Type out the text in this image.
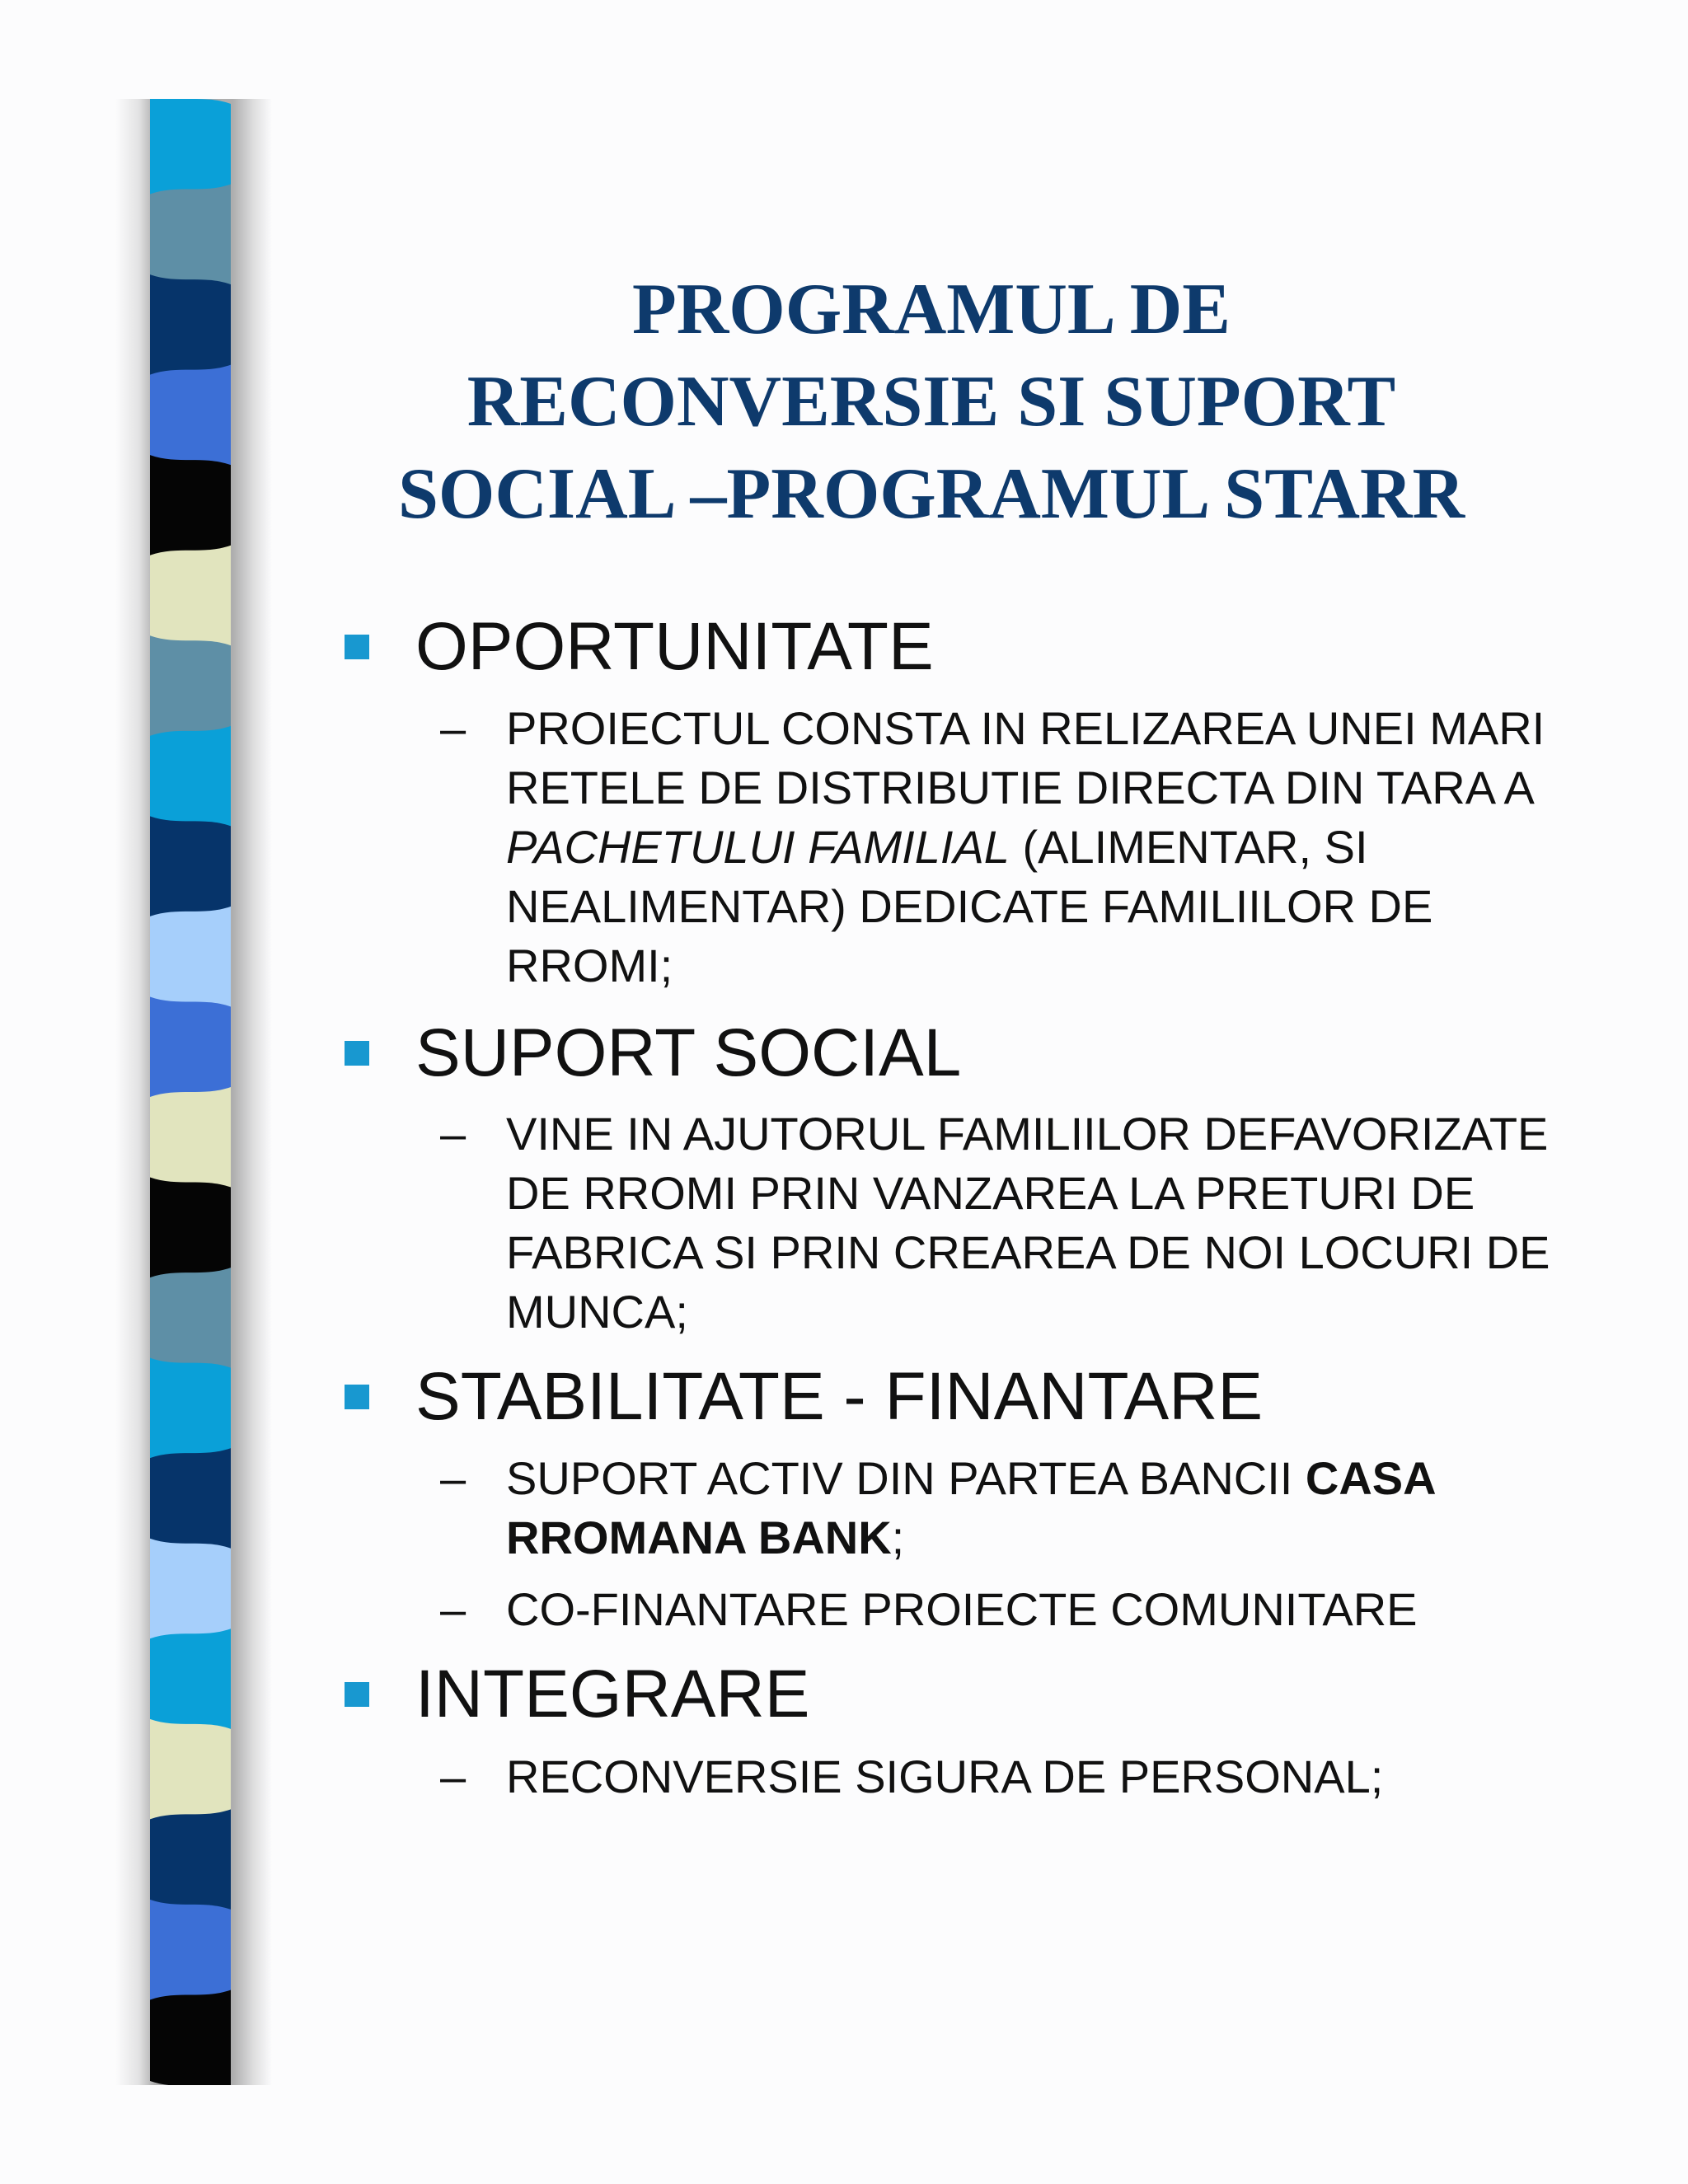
PROGRAMUL DE
RECONVERSIE SI SUPORT
SOCIAL –PROGRAMUL STARR
OPORTUNITATE
– PROIECTUL CONSTA IN RELIZAREA UNEI MARI RETELE DE DISTRIBUTIE DIRECTA DIN TARA A PACHETULUI FAMILIAL (ALIMENTAR, SI NEALIMENTAR) DEDICATE FAMILIILOR DE RROMI;
SUPORT SOCIAL
– VINE IN AJUTORUL FAMILIILOR DEFAVORIZATE DE RROMI PRIN VANZAREA LA PRETURI DE FABRICA SI PRIN CREAREA DE NOI LOCURI DE MUNCA;
STABILITATE - FINANTARE
– SUPORT ACTIV DIN PARTEA BANCII CASA RROMANA BANK;
– CO-FINANTARE PROIECTE COMUNITARE
INTEGRARE
– RECONVERSIE SIGURA DE PERSONAL;
